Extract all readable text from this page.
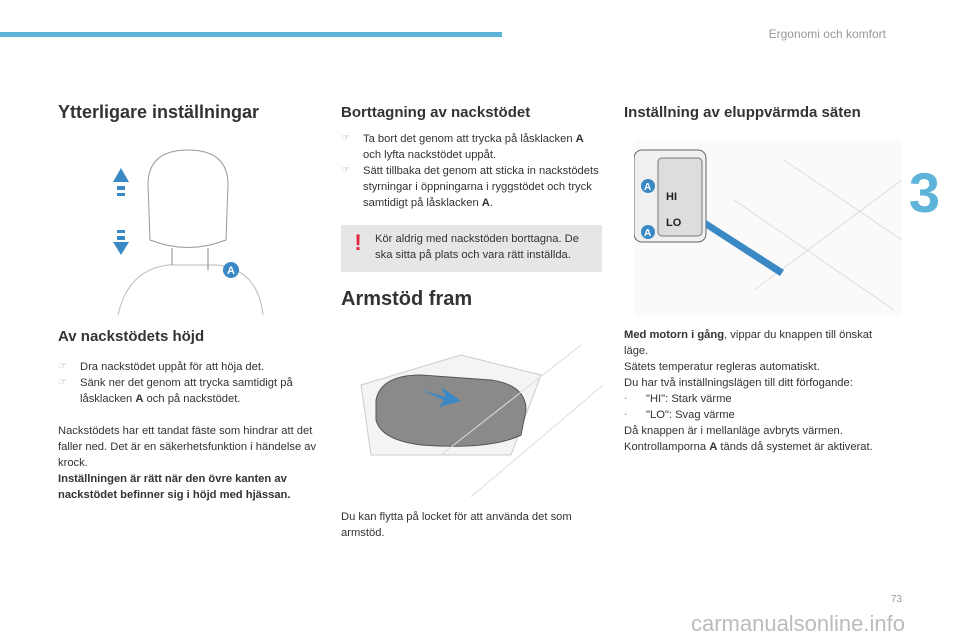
Ergonomi och komfort
3
Ytterligare inställningar
A
Av nackstödets höjd
☞	Dra nackstödet uppåt för att höja det.
☞	Sänk ner det genom att trycka samtidigt på låsklacken A och på nackstödet.
Nackstödets har ett tandat fäste som hindrar att det faller ned. Det är en säkerhetsfunktion i händelse av krock.
Inställningen är rätt när den övre kanten av nackstödet befinner sig i höjd med hjässan.
Borttagning av nackstödet
☞	Ta bort det genom att trycka på låsklacken A och lyfta nackstödet uppåt.
☞	Sätt tillbaka det genom att sticka in nackstödets styrningar i öppningarna i ryggstödet och tryck samtidigt på låsklacken A.
!	Kör aldrig med nackstöden borttagna. De ska sitta på plats och vara rätt inställda.
Armstöd fram
Du kan flytta på locket för att använda det som armstöd.
Inställning av eluppvärmda säten
HI
LO
A
A
Med motorn i gång, vippar du knappen till önskat läge.
Sätets temperatur regleras automatiskt.
Du har två inställningslägen till ditt förfogande:
-	"HI": Stark värme
-	"LO": Svag värme
Då knappen är i mellanläge avbryts värmen.
Kontrollamporna A tänds då systemet är aktiverat.
73
carmanualsonline.info
